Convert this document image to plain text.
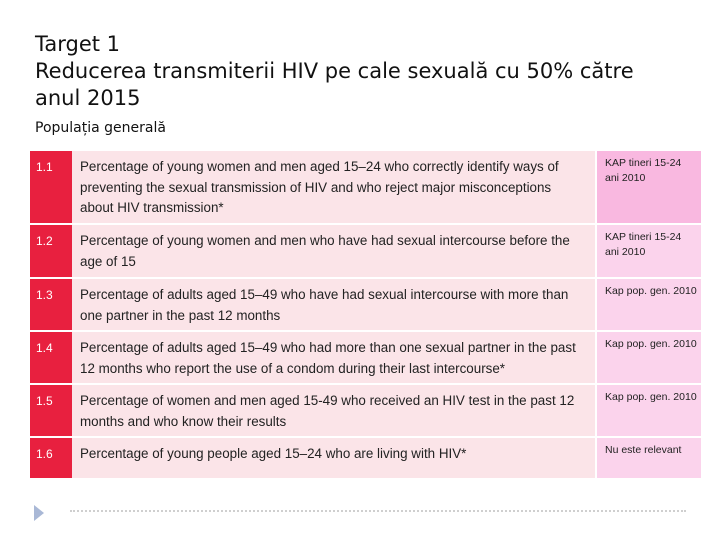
Target 1
Reducerea transmiterii HIV pe cale sexuală cu 50% către anul 2015
Populația generală
1.1	Percentage of young women and men aged 15–24 who correctly identify ways of preventing the sexual transmission of HIV and who reject major misconceptions about HIV transmission*	KAP tineri 15-24 ani 2010
1.2	Percentage of young women and men who have had sexual intercourse before the age of 15	KAP tineri 15-24 ani 2010
1.3	Percentage of adults aged 15–49 who have had sexual intercourse with more than one partner in the past 12 months	Kap pop. gen. 2010
1.4	Percentage of adults aged 15–49 who had more than one sexual partner in the past 12 months who report the use of a condom during their last intercourse*	Kap pop. gen. 2010
1.5	Percentage of women and men aged 15-49 who received an HIV test in the past 12 months and who know their results	Kap pop. gen. 2010
1.6	Percentage of young people aged 15–24 who are living with HIV*	Nu este relevant
